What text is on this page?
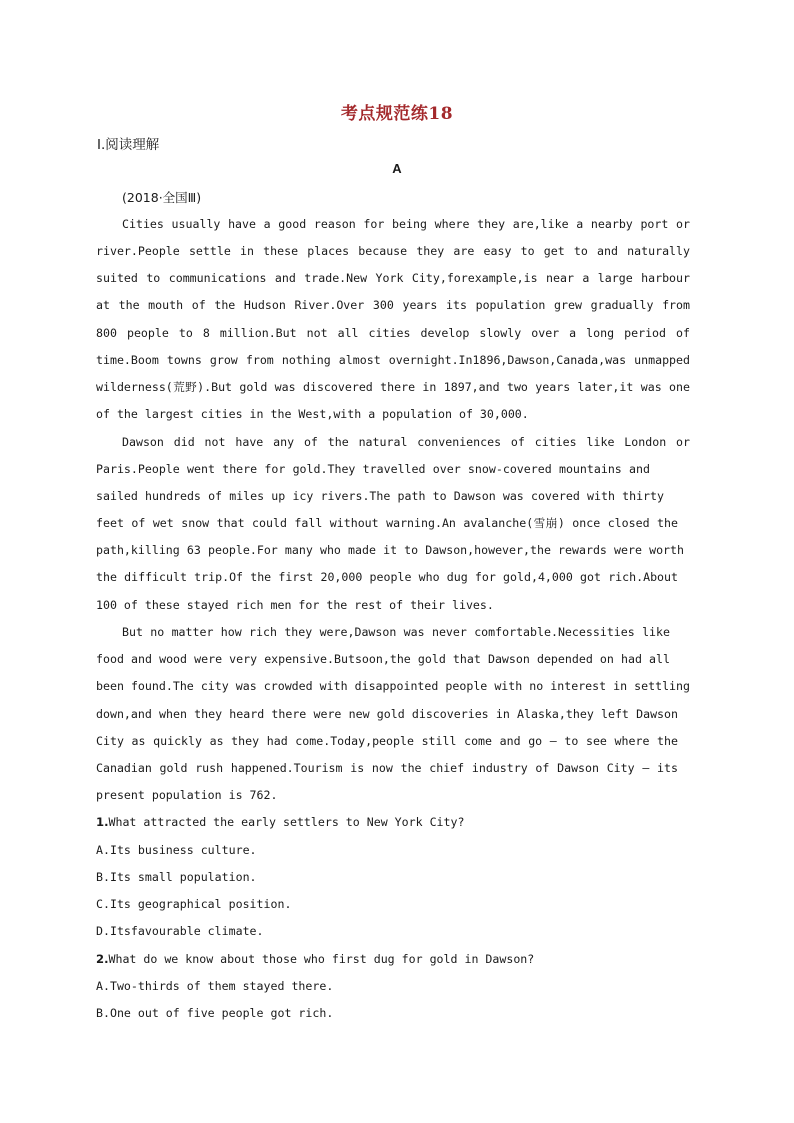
考点规范练18
Ⅰ.阅读理解
A
(2018·全国Ⅲ)
Cities usually have a good reason for being where they are,like a nearby port or
river.People settle in these places because they are easy to get to and naturally
suited to communications and trade.New York City,forexample,is near a large harbour
at the mouth of the Hudson River.Over 300 years its population grew gradually from
800 people to 8 million.But not all cities develop slowly over a long period of
time.Boom towns grow from nothing almost overnight.In1896,Dawson,Canada,was unmapped
wilderness(荒野).But gold was discovered there in 1897,and two years later,it was one
of the largest cities in the West,with a population of 30,000.
Dawson did not have any of the natural conveniences of cities like London or
Paris.People went there for gold.They travelled over snow-covered mountains and
sailed hundreds of miles up icy rivers.The path to Dawson was covered with thirty
feet of wet snow that could fall without warning.An avalanche(雪崩) once closed the
path,killing 63 people.For many who made it to Dawson,however,the rewards were worth
the difficult trip.Of the first 20,000 people who dug for gold,4,000 got rich.About
100 of these stayed rich men for the rest of their lives.
But no matter how rich they were,Dawson was never comfortable.Necessities like
food and wood were very expensive.Butsoon,the gold that Dawson depended on had all
been found.The city was crowded with disappointed people with no interest in settling
down,and when they heard there were new gold discoveries in Alaska,they left Dawson
City as quickly as they had come.Today,people still come and go — to see where the
Canadian gold rush happened.Tourism is now the chief industry of Dawson City — its
present population is 762.
1.What attracted the early settlers to New York City?
A.Its business culture.
B.Its small population.
C.Its geographical position.
D.Itsfavourable climate.
2.What do we know about those who first dug for gold in Dawson?
A.Two-thirds of them stayed there.
B.One out of five people got rich.
